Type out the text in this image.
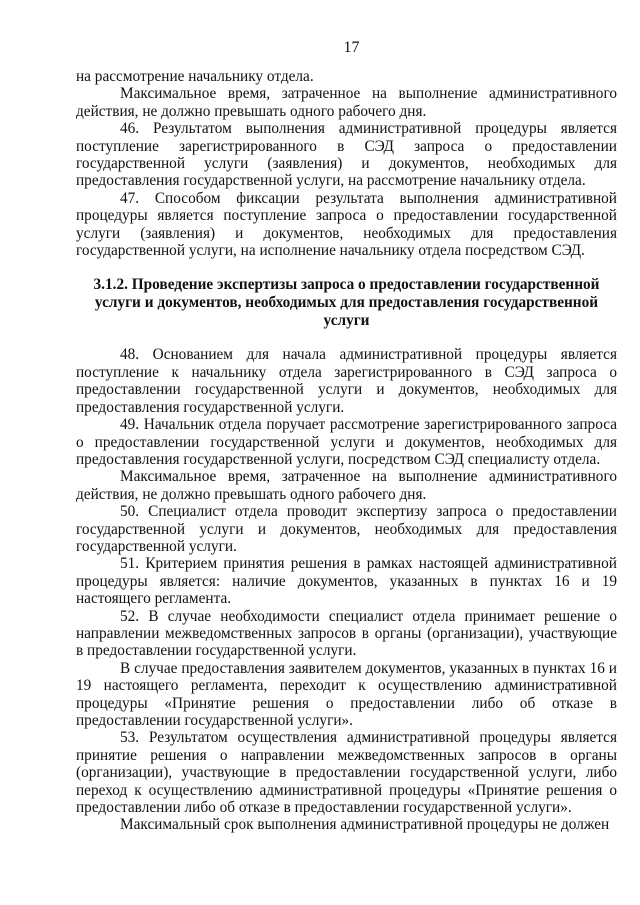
17

на рассмотрение начальнику отдела.

Максимальное время, затраченное на выполнение административного действия, не должно превышать одного рабочего дня.

46. Результатом выполнения административной процедуры является поступление зарегистрированного в СЭД запроса о предоставлении государственной услуги (заявления) и документов, необходимых для предоставления государственной услуги, на рассмотрение начальнику отдела.

47. Способом фиксации результата выполнения административной процедуры является поступление запроса о предоставлении государственной услуги (заявления) и документов, необходимых для предоставления государственной услуги, на исполнение начальнику отдела посредством СЭД.

3.1.2. Проведение экспертизы запроса о предоставлении государственной услуги и документов, необходимых для предоставления государственной услуги

48. Основанием для начала административной процедуры является поступление к начальнику отдела зарегистрированного в СЭД запроса о предоставлении государственной услуги и документов, необходимых для предоставления государственной услуги.

49. Начальник отдела поручает рассмотрение зарегистрированного запроса о предоставлении государственной услуги и документов, необходимых для предоставления государственной услуги, посредством СЭД специалисту отдела.

Максимальное время, затраченное на выполнение административного действия, не должно превышать одного рабочего дня.

50. Специалист отдела проводит экспертизу запроса о предоставлении государственной услуги и документов, необходимых для предоставления государственной услуги.

51. Критерием принятия решения в рамках настоящей административной процедуры является: наличие документов, указанных в пунктах 16 и 19 настоящего регламента.

52. В случае необходимости специалист отдела принимает решение о направлении межведомственных запросов в органы (организации), участвующие в предоставлении государственной услуги.

В случае предоставления заявителем документов, указанных в пунктах 16 и 19 настоящего регламента, переходит к осуществлению административной процедуры «Принятие решения о предоставлении либо об отказе в предоставлении государственной услуги».

53. Результатом осуществления административной процедуры является принятие решения о направлении межведомственных запросов в органы (организации), участвующие в предоставлении государственной услуги, либо переход к осуществлению административной процедуры «Принятие решения о предоставлении либо об отказе в предоставлении государственной услуги».

Максимальный срок выполнения административной процедуры не должен
